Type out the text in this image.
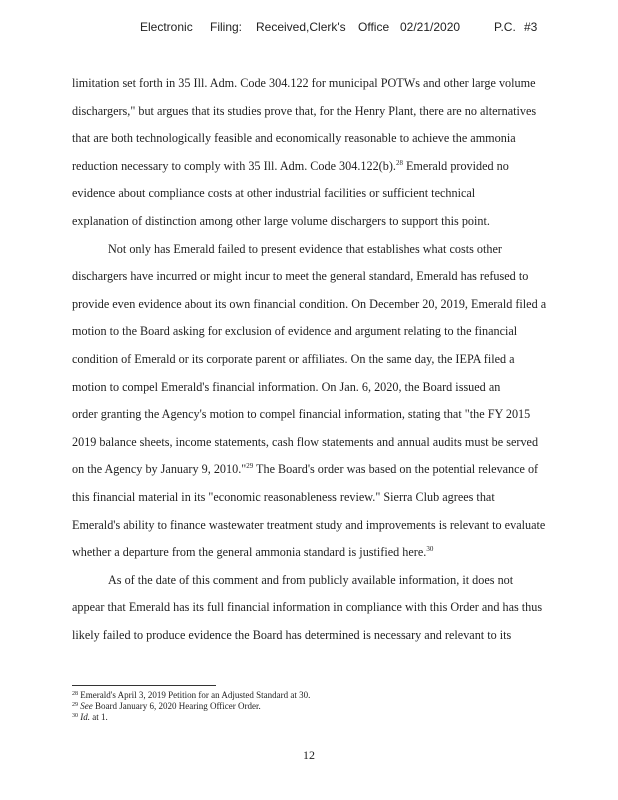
Electronic Filing: Received,Clerk's Office 02/21/2020	P.C. #3

limitation set forth in 35 Ill. Adm. Code 304.122 for municipal POTWs and other large volume
dischargers," but argues that its studies prove that, for the Henry Plant, there are no alternatives
that are both technologically feasible and economically reasonable to achieve the ammonia
reduction necessary to comply with 35 Ill. Adm. Code 304.122(b).$^{28}$ Emerald provided no
evidence about compliance costs at other industrial facilities or sufficient technical
explanation of distinction among other large volume dischargers to support this point.

Not only has Emerald failed to present evidence that establishes what costs other
dischargers have incurred or might incur to meet the general standard, Emerald has refused to
provide even evidence about its own financial condition. On December 20, 2019, Emerald filed a
motion to the Board asking for exclusion of evidence and argument relating to the financial
condition of Emerald or its corporate parent or affiliates. On the same day, the IEPA filed a
motion to compel Emerald's financial information. On Jan. 6, 2020, the Board issued an
order granting the Agency's motion to compel financial information, stating that "the FY 2015
2019 balance sheets, income statements, cash flow statements and annual audits must be served
on the Agency by January 9, 2010."$^{29}$ The Board's order was based on the potential relevance of
this financial material in its "economic reasonableness review." Sierra Club agrees that
Emerald's ability to finance wastewater treatment study and improvements is relevant to evaluate
whether a departure from the general ammonia standard is justified here.$^{30}$

As of the date of this comment and from publicly available information, it does not
appear that Emerald has its full financial information in compliance with this Order and has thus
likely failed to produce evidence the Board has determined is necessary and relevant to its

$^{28}$ Emerald's April 3, 2019 Petition for an Adjusted Standard at 30.
$^{29}$ See Board January 6, 2020 Hearing Officer Order.
$^{30}$ Id. at 1.
12
